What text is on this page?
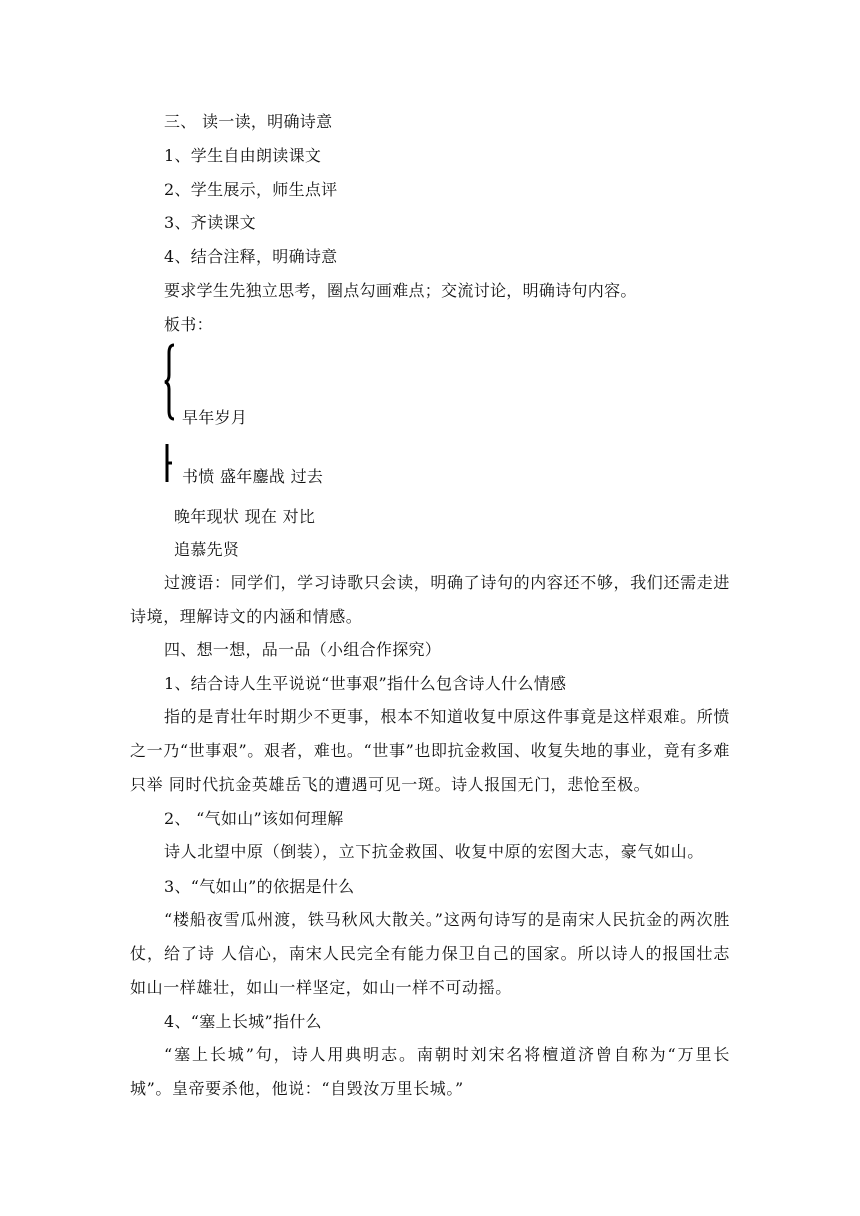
三、 读一读，明确诗意
1、学生自由朗读课文
2、学生展示，师生点评
3、齐读课文
4、结合注释，明确诗意
要求学生先独立思考，圈点勾画难点；交流讨论，明确诗句内容。
板书：
早年岁月
书愤 盛年鏖战 过去
晚年现状 现在 对比
追慕先贤
过渡语：同学们，学习诗歌只会读，明确了诗句的内容还不够，我们还需走进诗境，理解诗文的内涵和情感。
四、想一想，品一品（小组合作探究）
1、结合诗人生平说说“世事艰”指什么包含诗人什么情感
指的是青壮年时期少不更事，根本不知道收复中原这件事竟是这样艰难。所愤之一乃“世事艰”。艰者，难也。“世事”也即抗金救国、收复失地的事业，竟有多难只举 同时代抗金英雄岳飞的遭遇可见一斑。诗人报国无门，悲怆至极。
2、 “气如山”该如何理解
诗人北望中原（倒装），立下抗金救国、收复中原的宏图大志，豪气如山。
3、“气如山”的依据是什么
“楼船夜雪瓜州渡，铁马秋风大散关。”这两句诗写的是南宋人民抗金的两次胜仗，给了诗 人信心，南宋人民完全有能力保卫自己的国家。所以诗人的报国壮志如山一样雄壮，如山一样坚定，如山一样不可动摇。
4、“塞上长城”指什么
“塞上长城”句，诗人用典明志。南朝时刘宋名将檀道济曾自称为“万里长城”。皇帝要杀他，他说：“自毁汝万里长城。”
